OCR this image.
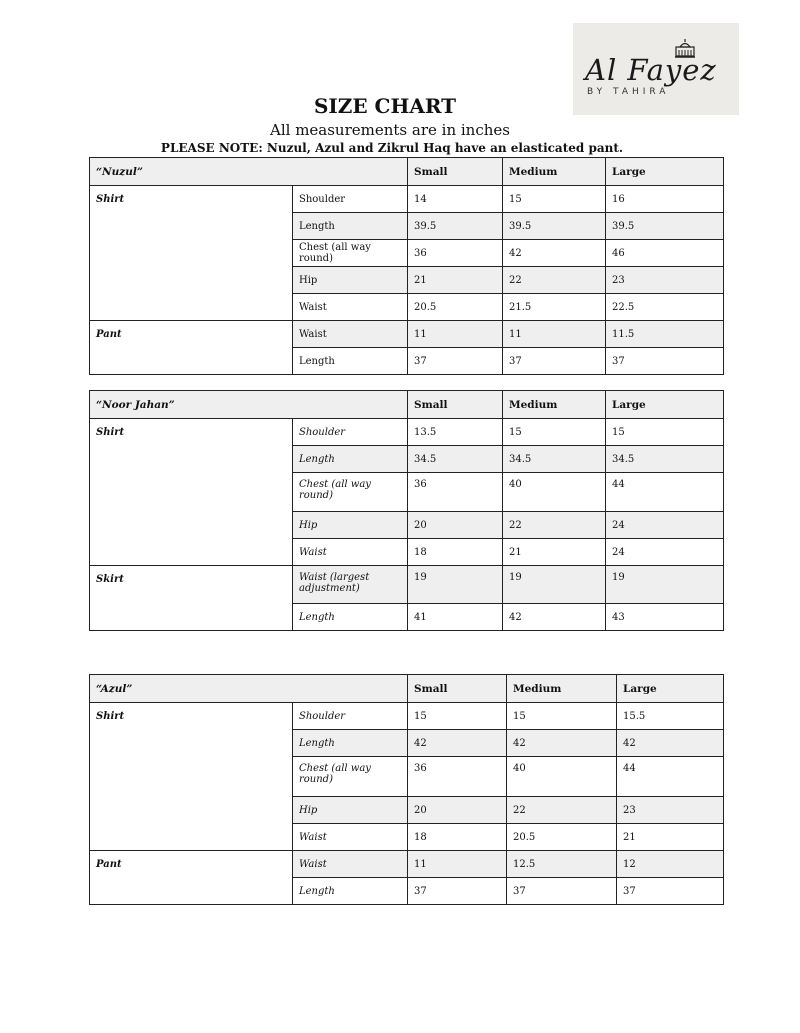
Al Fayez
BY TAHIRA
SIZE CHART
All measurements are in inches
PLEASE NOTE: Nuzul, Azul and Zikrul Haq have an elasticated pant.
“Nuzul”		Small	Medium	Large
Shirt	Shoulder	14	15	16
	Length	39.5	39.5	39.5
	Chest (all way round)	36	42	46
	Hip	21	22	23
	Waist	20.5	21.5	22.5
Pant	Waist	11	11	11.5
	Length	37	37	37
“Noor Jahan”		Small	Medium	Large
Shirt	Shoulder	13.5	15	15
	Length	34.5	34.5	34.5
	Chest (all way round)	36	40	44
	Hip	20	22	24
	Waist	18	21	24
Skirt	Waist (largest adjustment)	19	19	19
	Length	41	42	43
“Azul”		Small	Medium	Large
Shirt	Shoulder	15	15	15.5
	Length	42	42	42
	Chest (all way round)	36	40	44
	Hip	20	22	23
	Waist	18	20.5	21
Pant	Waist	11	12.5	12
	Length	37	37	37
